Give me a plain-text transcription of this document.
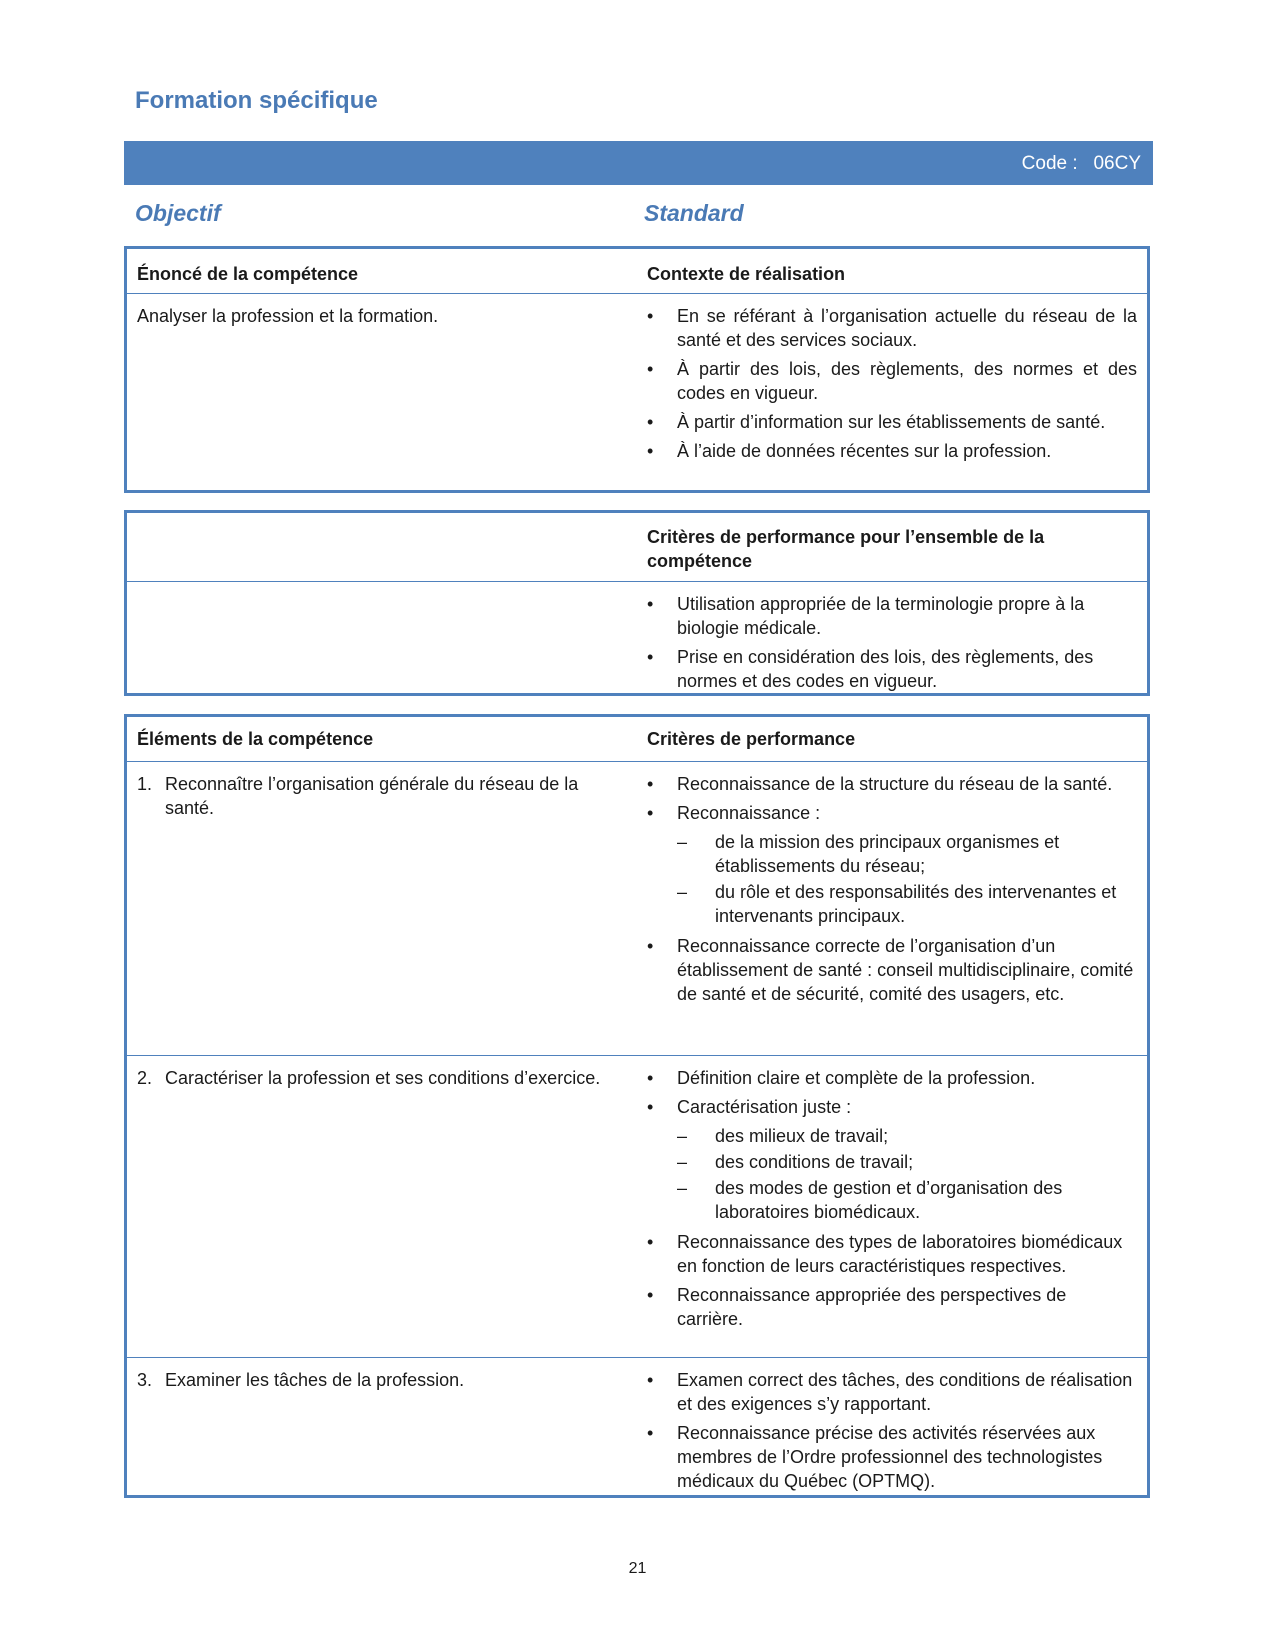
Formation spécifique
Code :   06CY
Objectif	Standard
Énoncé de la compétence	Contexte de réalisation
Analyser la profession et la formation.	• En se référant à l’organisation actuelle du réseau de la santé et des services sociaux.
• À partir des lois, des règlements, des normes et des codes en vigueur.
• À partir d’information sur les établissements de santé.
• À l’aide de données récentes sur la profession.
Critères de performance pour l’ensemble de la compétence
• Utilisation appropriée de la terminologie propre à la biologie médicale.
• Prise en considération des lois, des règlements, des normes et des codes en vigueur.
Éléments de la compétence	Critères de performance
1. Reconnaître l’organisation générale du réseau de la santé.
• Reconnaissance de la structure du réseau de la santé.
• Reconnaissance :
– de la mission des principaux organismes et établissements du réseau;
– du rôle et des responsabilités des intervenantes et intervenants principaux.
• Reconnaissance correcte de l’organisation d’un établissement de santé : conseil multidisciplinaire, comité de santé et de sécurité, comité des usagers, etc.
2. Caractériser la profession et ses conditions d’exercice.	• Définition claire et complète de la profession.
• Caractérisation juste :
– des milieux de travail;
– des conditions de travail;
– des modes de gestion et d’organisation des laboratoires biomédicaux.
• Reconnaissance des types de laboratoires biomédicaux en fonction de leurs caractéristiques respectives.
• Reconnaissance appropriée des perspectives de carrière.
3. Examiner les tâches de la profession.	• Examen correct des tâches, des conditions de réalisation et des exigences s’y rapportant.
• Reconnaissance précise des activités réservées aux membres de l’Ordre professionnel des technologistes médicaux du Québec (OPTMQ).
21
